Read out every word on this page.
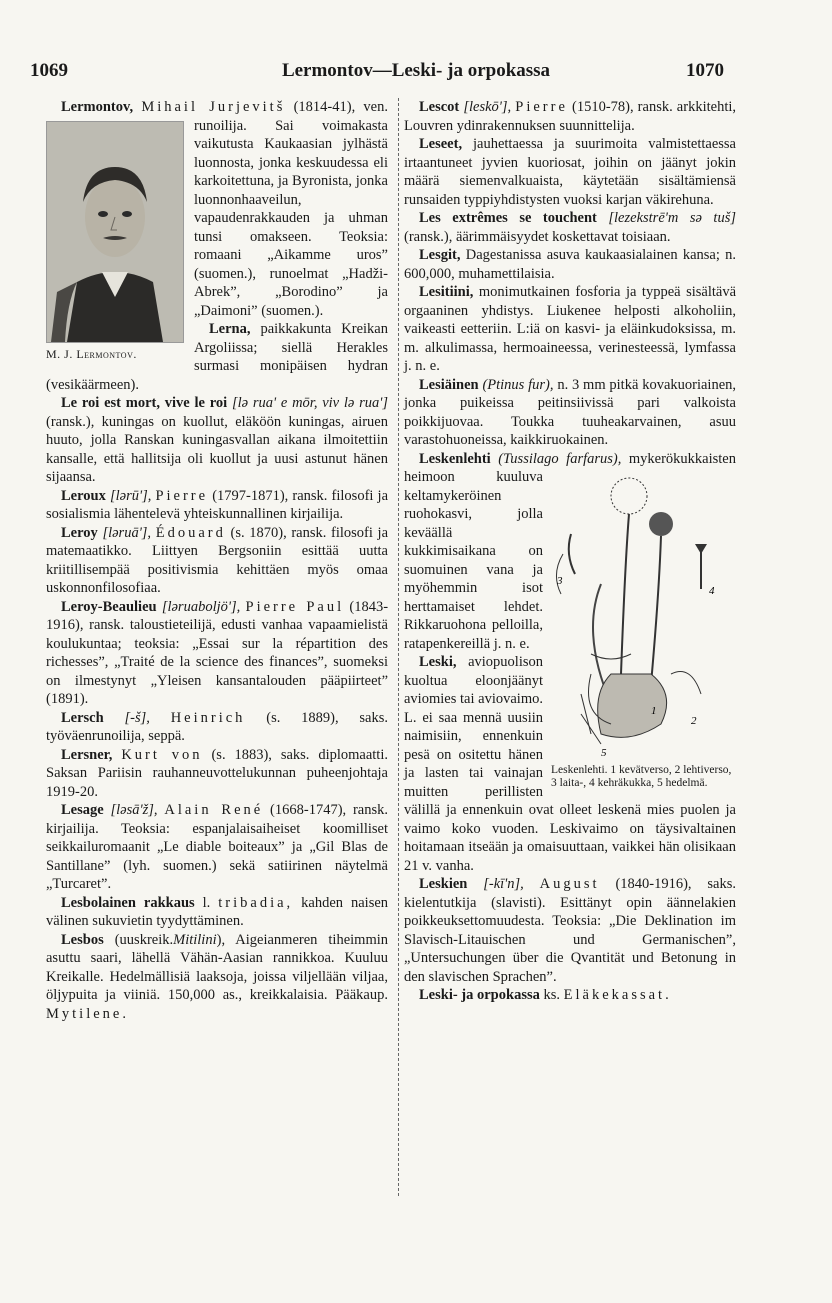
1069	Lermontov—Leski- ja orpokassa	1070

Lermontov, Mihail Jurjevitš
M. J. Lermontov.
(1814-41), ven. runoilija. Sai voimakasta vaikutusta Kaukaasian jylhästä luonnosta, jonka keskuudessa eli karkoitettuna, ja Byronista, jonka luonnonhaaveilun, vapaudenrakkauden ja uhman tunsi omakseen. Teoksia: romaani „Aikamme uros” (suomen.), runoelmat „Hadži-Abrek”, „Borodino” ja „Daimoni” (suomen.).

Lerna, paikkakunta Kreikan Argoliissa; siellä Herakles surmasi monipäisen hydran (vesikäärmeen).

Le roi est mort, vive le roi [lə rua' e mōr, viv lə rua'] (ransk.), kuningas on kuollut, eläköön kuningas, airuen huuto, jolla Ranskan kuningasvallan aikana ilmoitettiin kansalle, että hallitsija oli kuollut ja uusi astunut hänen sijaansa.

Leroux [lərū'], Pierre (1797-1871), ransk. filosofi ja sosialismia lähentelevä yhteiskunnallinen kirjailija.

Leroy [ləruā'], Édouard (s. 1870), ransk. filosofi ja matemaatikko. Liittyen Bergsoniin esittää uutta kriitillisempää positivismia kehittäen myös omaa uskonnonfilosofiaa.

Leroy-Beaulieu [ləruaboljö'], Pierre Paul (1843-1916), ransk. taloustieteilijä, edusti vanhaa vapaamielistä koulukuntaa; teoksia: „Essai sur la répartition des richesses”, „Traité de la science des finances”, suomeksi on ilmestynyt „Yleisen kansantalouden pääpiirteet” (1891).

Lersch [-š], Heinrich (s. 1889), saks. työväenrunoilija, seppä.

Lersner, Kurt von (s. 1883), saks. diplomaatti. Saksan Pariisin rauhanneuvottelukunnan puheenjohtaja 1919-20.

Lesage [ləsā'ž], Alain René (1668-1747), ransk. kirjailija. Teoksia: espanjalaisaiheiset koomilliset seikkailuromaanit „Le diable boiteaux” ja „Gil Blas de Santillane” (lyh. suomen.) sekä satiirinen näytelmä „Turcaret”.

Lesbolainen rakkaus l. tribadia, kahden naisen välinen sukuvietin tyydyttäminen.

Lesbos (uuskreik.Mitilini), Aigeianmeren tiheimmin asuttu saari, lähellä Vähän-Aasian rannikkoa. Kuuluu Kreikalle. Hedelmällisiä laaksoja, joissa viljellään viljaa, öljypuita ja viiniä. 150,000 as., kreikkalaisia. Pääkaup. Mytilene.

Lescot [leskō'], Pierre (1510-78), ransk. arkkitehti, Louvren ydinrakennuksen suunnittelija.

Leseet, jauhettaessa ja suurimoita valmistettaessa irtaantuneet jyvien kuoriosat, joihin on jäänyt jokin määrä siemenvalkuaista, käytetään sisältämiensä runsaiden typpiyhdistysten vuoksi karjan väkirehuna.

Les extrêmes se touchent [lezekstrē'm sə tuš] (ransk.), äärimmäisyydet koskettavat toisiaan.

Lesgit, Dagestanissa asuva kaukaasialainen kansa; n. 600,000, muhamettilaisia.

Lesitiini, monimutkainen fosforia ja typpeä sisältävä orgaaninen yhdistys. Liukenee helposti alkoholiin, vaikeasti eetteriin. L:iä on kasvi- ja eläinkudoksissa, m. m. alkulimassa, hermoaineessa, verinesteessä, lymfassa j. n. e.

Lesiäinen (Ptinus fur), n. 3 mm pitkä kovakuoriainen, jonka puikeissa peitinsiivissä pari valkoista poikkijuovaa. Toukka tuuheakarvainen, asuu varastohuoneissa, kaikkiruokainen.

Leskenlehti (Tussilago farfarus),
3
4
1
2
5
Leskenlehti. 1 kevätverso, 2 lehtiverso, 3 laita-, 4 kehräkukka, 5 hedelmä.
mykerökukkaisten heimoon kuuluva keltamykeröinen ruohokasvi, jolla keväällä kukkimisaikana on suomuinen vana ja myöhemmin isot herttamaiset lehdet. Rikkaruohona pelloilla, ratapenkereillä j. n. e.

Leski, aviopuolison kuoltua eloonjäänyt aviomies tai aviovaimo. L. ei saa mennä uusiin naimisiin, ennenkuin pesä on ositettu hänen ja lasten tai vainajan muitten perillisten välillä ja ennenkuin ovat olleet leskenä mies puolen ja vaimo koko vuoden. Leskivaimo on täysivaltainen hoitamaan itseään ja omaisuuttaan, vaikkei hän olisikaan 21 v. vanha.

Leskien [-kī'n], August (1840-1916), saks. kielentutkija (slavisti). Esittänyt opin äännelakien poikkeuksettomuudesta. Teoksia: „Die Deklination im Slavisch-Litauischen und Germanischen”, „Untersuchungen über die Qvantität und Betonung in den slavischen Sprachen”.

Leski- ja orpokassa ks. Eläkekassat.
